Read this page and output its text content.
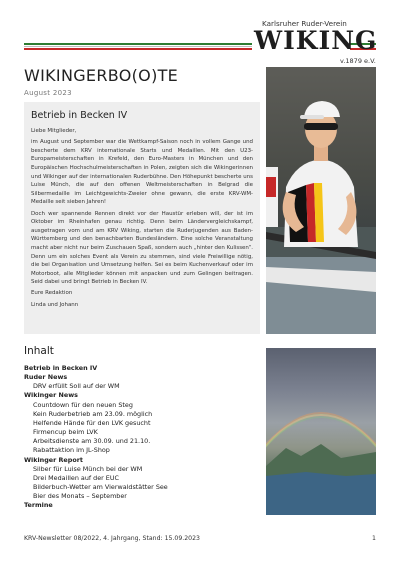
Karlsruher Ruder-Verein
WIKING
v.1879 e.V.
WIKINGERBO(O)TE
August 2023
Betrieb in Becken IV

Liebe Mitglieder,

im August und September war die Wettkampf-Saison noch in vollem Gange und bescherte dem KRV internationale Starts und Medaillen. Mit den U23-Europameisterschaften in Krefeld, den Euro-Masters in München und den Europäischen Hochschulmeisterschaften in Polen, zeigten sich die Wikingerinnen und Wikinger auf der internationalen Ruderbühne. Den Höhepunkt bescherte uns Luise Münch, die auf den offenen Weltmeisterschaften in Belgrad die Silbermedaille im Leichtgewichts-Zweier ohne gewann, die erste KRV-WM-Medaille seit sieben Jahren!

Doch wer spannende Rennen direkt vor der Haustür erleben will, der ist im Oktober im Rheinhafen genau richtig. Denn beim Ländervergleichskampf, ausgetragen vom und am KRV Wiking, starten die Ruderjugenden aus Baden-Württemberg und den benachbarten Bundesländern. Eine solche Veranstaltung macht aber nicht nur beim Zuschauen Spaß, sondern auch „hinter den Kulissen“. Denn um ein solches Event als Verein zu stemmen, sind viele Freiwillige nötig, die bei Organisation und Umsetzung helfen. Sei es beim Kuchenverkauf oder im Motorboot, alle Mitglieder können mit anpacken und zum Gelingen beitragen. Seid dabei und bringt Betrieb in Becken IV.

Eure Redaktion

Linda und Johann

Inhalt
Betrieb in Becken IV
Ruder News
DRV erfüllt Soll auf der WM
Wikinger News
Countdown für den neuen Steg
Kein Ruderbetrieb am 23.09. möglich
Helfende Hände für den LVK gesucht
Firmencup beim LVK
Arbeitsdienste am 30.09. und 21.10.
Rabattaktion im JL-Shop
Wikinger Report
Silber für Luise Münch bei der WM
Drei Medaillen auf der EUC
Bilderbuch-Wetter am Vierwaldstätter See
Bier des Monats – September
Termine
KRV-Newsletter 08/2022, 4. Jahrgang, Stand: 15.09.2023	1
